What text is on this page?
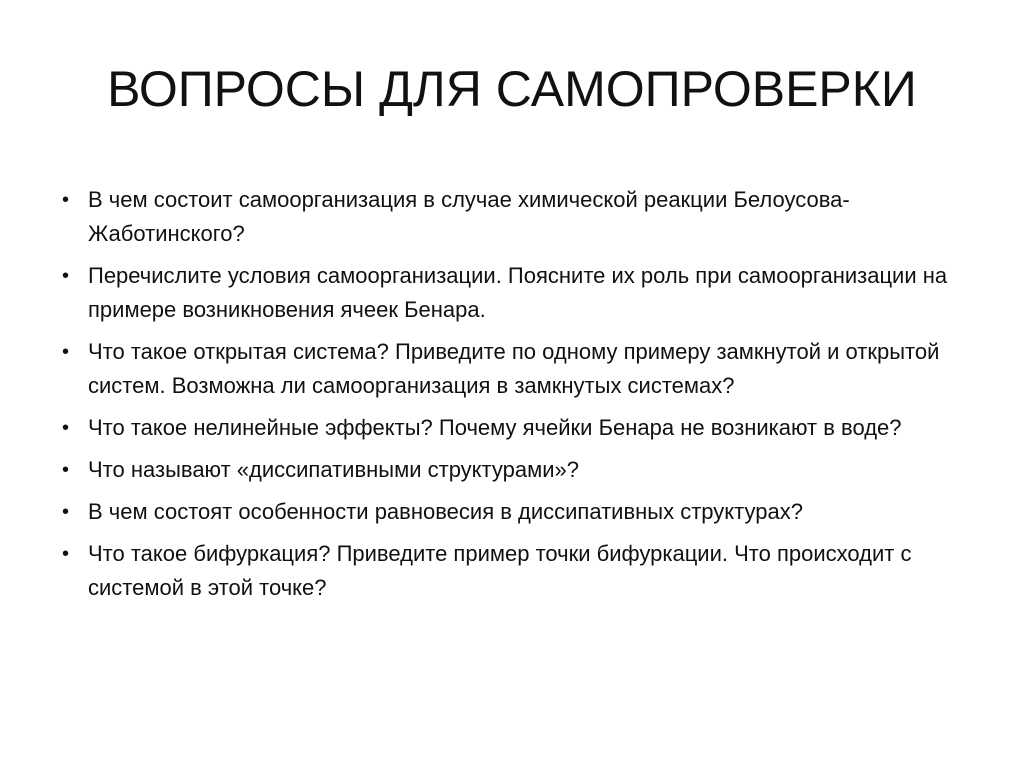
ВОПРОСЫ ДЛЯ САМОПРОВЕРКИ
• В чем состоит самоорганизация в случае химической реакции Белоусова-Жаботинского?
• Перечислите условия самоорганизации. Поясните их роль при самоорганизации на примере возникновения ячеек Бенара.
• Что такое открытая система? Приведите по одному примеру замкнутой и открытой систем. Возможна ли самоорганизация в замкнутых системах?
• Что такое нелинейные эффекты? Почему ячейки Бенара не возникают в воде?
• Что называют «диссипативными структурами»?
• В чем состоят особенности равновесия в диссипативных структурах?
• Что такое бифуркация? Приведите пример точки бифуркации. Что происходит с системой в этой точке?
